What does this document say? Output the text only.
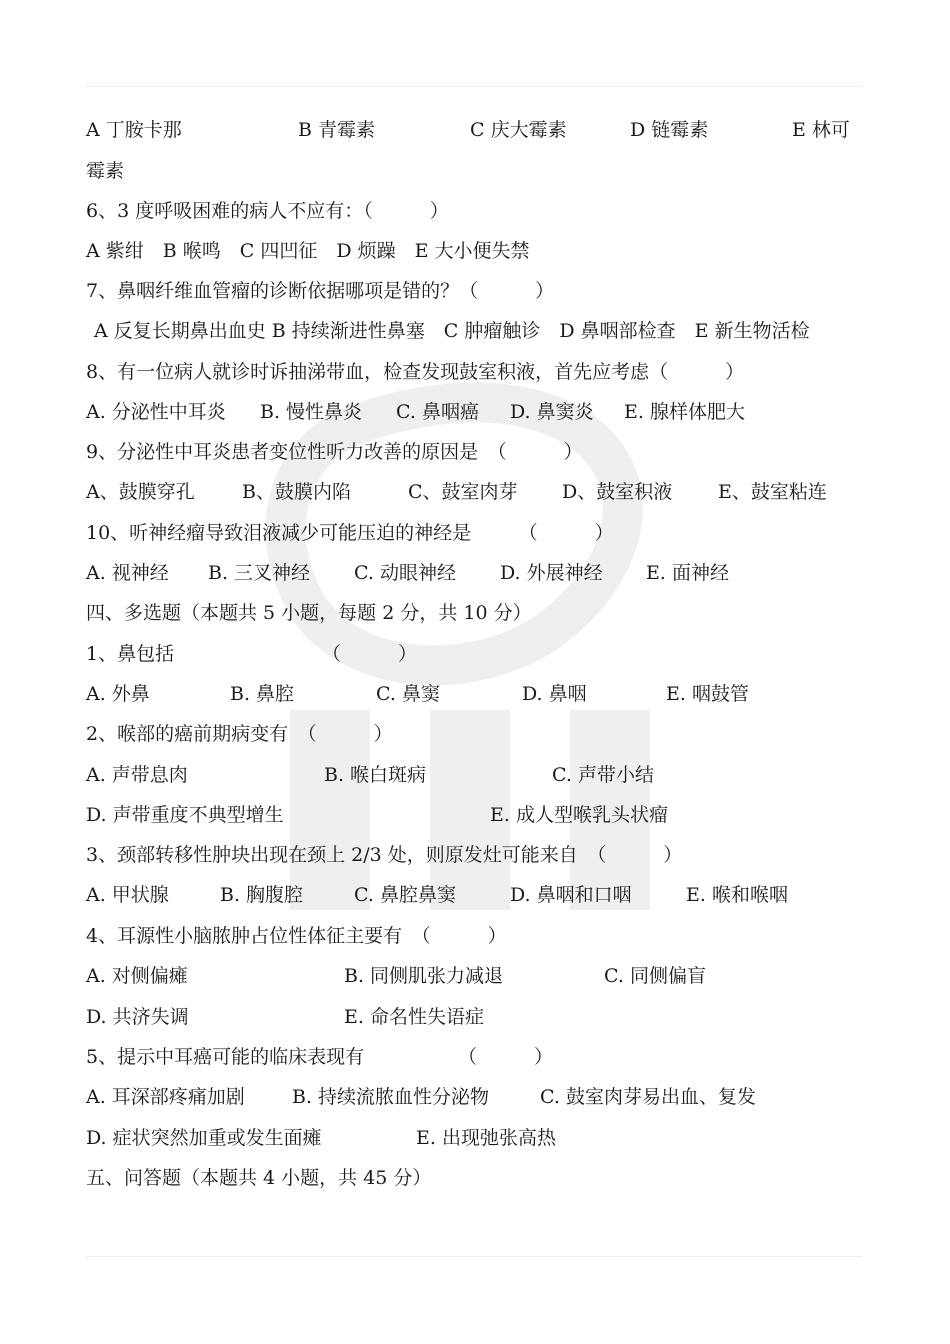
A 丁胺卡那	B 青霉素	C 庆大霉素	D 链霉素	E 林可
霉素
6、3 度呼吸困难的病人不应有：（　　　）
A 紫绀　B 喉鸣　C 四凹征　D 烦躁　E 大小便失禁
7、鼻咽纤维血管瘤的诊断依据哪项是错的？（　　　）
A 反复长期鼻出血史 B 持续渐进性鼻塞　C 肿瘤触诊　D 鼻咽部检查　E 新生物活检
8、有一位病人就诊时诉抽涕带血，检查发现鼓室积液，首先应考虑（　　　）
A. 分泌性中耳炎 B. 慢性鼻炎 C. 鼻咽癌 D. 鼻窦炎 E. 腺样体肥大
9、分泌性中耳炎患者变位性听力改善的原因是　（　　　）
A、鼓膜穿孔 B、鼓膜内陷	C、鼓室肉芽 D、鼓室积液 E、鼓室粘连
10、听神经瘤导致泪液减少可能压迫的神经是　　　（　　　）
A. 视神经 B. 三叉神经 C. 动眼神经 D. 外展神经 E. 面神经
四、多选题（本题共 5 小题，每题 2 分，共 10 分）
1、鼻包括	（　　　）
A. 外鼻	B. 鼻腔	C. 鼻窦	D. 鼻咽	E. 咽鼓管
2、喉部的癌前期病变有　（　　　）
A. 声带息肉	B. 喉白斑病	C. 声带小结
D. 声带重度不典型增生	E. 成人型喉乳头状瘤
3、颈部转移性肿块出现在颈上 2/3 处，则原发灶可能来自　（　　　）
A. 甲状腺	B. 胸腹腔	C. 鼻腔鼻窦	D. 鼻咽和口咽	E. 喉和喉咽
4、耳源性小脑脓肿占位性体征主要有　（　　　）
A. 对侧偏瘫	B. 同侧肌张力减退	C. 同侧偏盲
D. 共济失调	E. 命名性失语症
5、提示中耳癌可能的临床表现有	（　　　）
A. 耳深部疼痛加剧 B. 持续流脓血性分泌物	C. 鼓室肉芽易出血、复发
D. 症状突然加重或发生面瘫	E. 出现弛张高热
五、问答题（本题共 4 小题，共 45 分）
